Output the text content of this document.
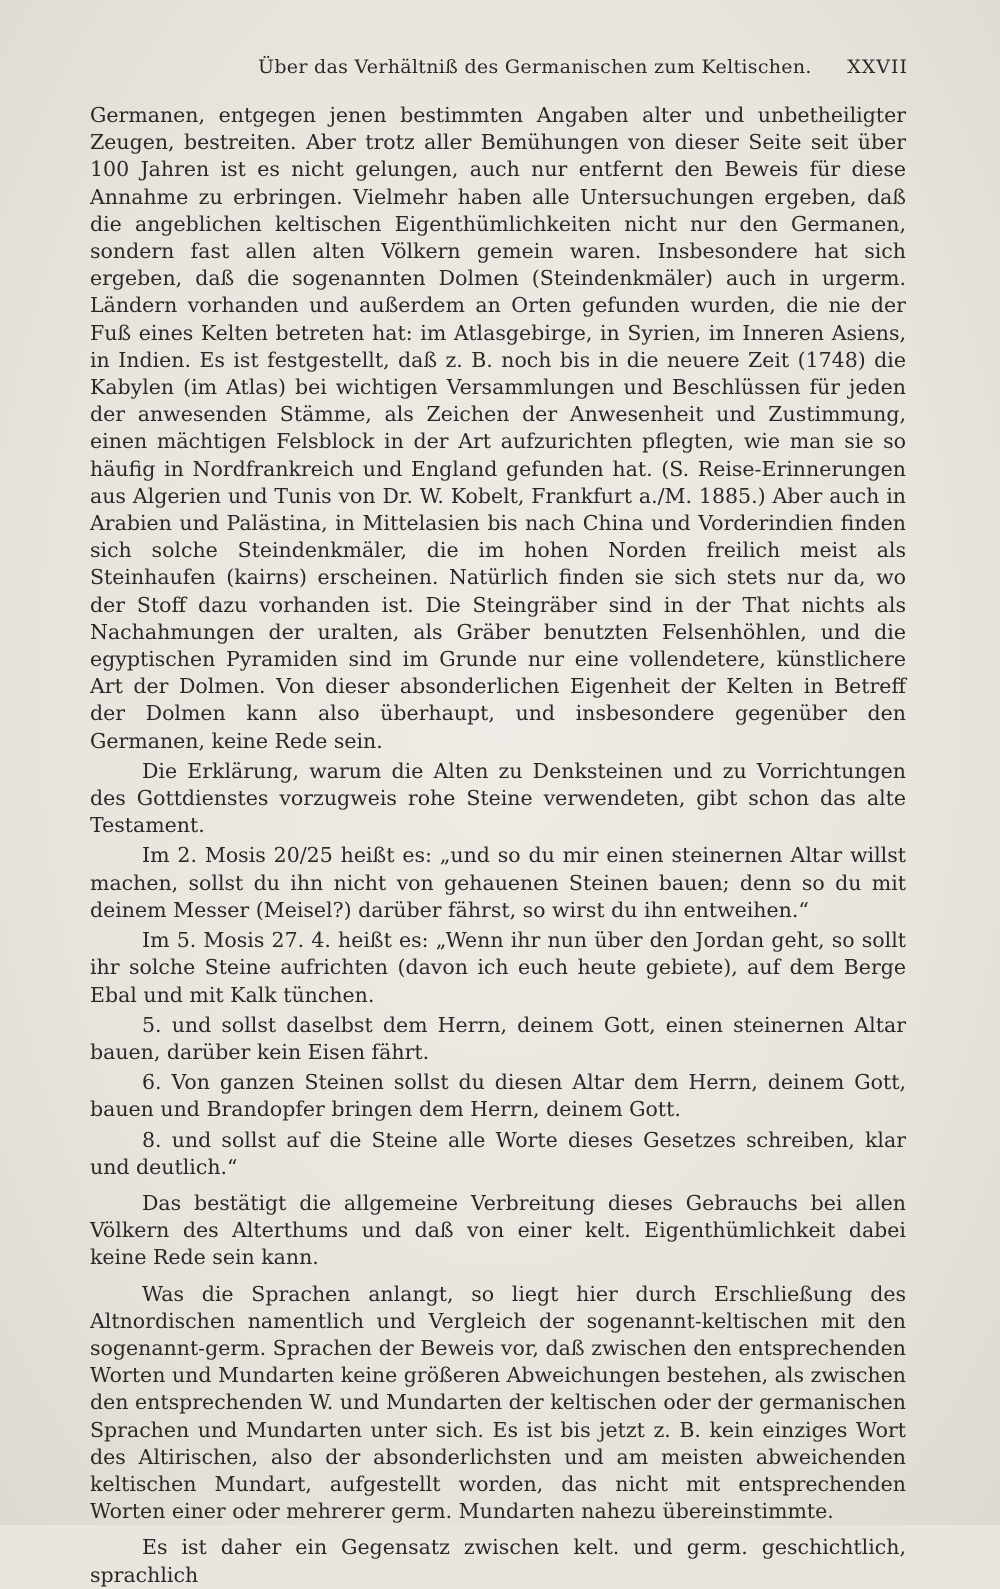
Über das Verhältniß des Germanischen zum Keltischen. XXVII

Germanen, entgegen jenen bestimmten Angaben alter und unbetheiligter Zeugen, bestreiten. Aber trotz aller Bemühungen von dieser Seite seit über 100 Jahren ist es nicht gelungen, auch nur entfernt den Beweis für diese Annahme zu erbringen. Vielmehr haben alle Untersuchungen ergeben, daß die angeblichen keltischen Eigenthümlichkeiten nicht nur den Germanen, sondern fast allen alten Völkern gemein waren. Insbesondere hat sich ergeben, daß die sogenannten Dolmen (Steindenkmäler) auch in urgerm. Ländern vorhanden und außerdem an Orten gefunden wurden, die nie der Fuß eines Kelten betreten hat: im Atlasgebirge, in Syrien, im Inneren Asiens, in Indien. Es ist festgestellt, daß z. B. noch bis in die neuere Zeit (1748) die Kabylen (im Atlas) bei wichtigen Versammlungen und Beschlüssen für jeden der anwesenden Stämme, als Zeichen der Anwesenheit und Zustimmung, einen mächtigen Felsblock in der Art aufzurichten pflegten, wie man sie so häufig in Nordfrankreich und England gefunden hat. (S. Reise-Erinnerungen aus Algerien und Tunis von Dr. W. Kobelt, Frankfurt a./M. 1885.) Aber auch in Arabien und Palästina, in Mittelasien bis nach China und Vorderindien finden sich solche Steindenkmäler, die im hohen Norden freilich meist als Steinhaufen (kairns) erscheinen. Natürlich finden sie sich stets nur da, wo der Stoff dazu vorhanden ist. Die Steingräber sind in der That nichts als Nachahmungen der uralten, als Gräber benutzten Felsenhöhlen, und die egyptischen Pyramiden sind im Grunde nur eine vollendetere, künstlichere Art der Dolmen. Von dieser absonderlichen Eigenheit der Kelten in Betreff der Dolmen kann also überhaupt, und insbesondere gegenüber den Germanen, keine Rede sein.

Die Erklärung, warum die Alten zu Denksteinen und zu Vorrichtungen des Gottdienstes vorzugweis rohe Steine verwendeten, gibt schon das alte Testament.

Im 2. Mosis 20/25 heißt es: „und so du mir einen steinernen Altar willst machen, sollst du ihn nicht von gehauenen Steinen bauen; denn so du mit deinem Messer (Meisel?) darüber fährst, so wirst du ihn entweihen.“

Im 5. Mosis 27. 4. heißt es: „Wenn ihr nun über den Jordan geht, so sollt ihr solche Steine aufrichten (davon ich euch heute gebiete), auf dem Berge Ebal und mit Kalk tünchen.

5. und sollst daselbst dem Herrn, deinem Gott, einen steinernen Altar bauen, darüber kein Eisen fährt.

6. Von ganzen Steinen sollst du diesen Altar dem Herrn, deinem Gott, bauen und Brandopfer bringen dem Herrn, deinem Gott.

8. und sollst auf die Steine alle Worte dieses Gesetzes schreiben, klar und deutlich.“

Das bestätigt die allgemeine Verbreitung dieses Gebrauchs bei allen Völkern des Alterthums und daß von einer kelt. Eigenthümlichkeit dabei keine Rede sein kann.

Was die Sprachen anlangt, so liegt hier durch Erschließung des Altnordischen namentlich und Vergleich der sogenannt-keltischen mit den sogenannt-germ. Sprachen der Beweis vor, daß zwischen den entsprechenden Worten und Mundarten keine größeren Abweichungen bestehen, als zwischen den entsprechenden W. und Mundarten der keltischen oder der germanischen Sprachen und Mundarten unter sich. Es ist bis jetzt z. B. kein einziges Wort des Altirischen, also der absonderlichsten und am meisten abweichenden keltischen Mundart, aufgestellt worden, das nicht mit entsprechenden Worten einer oder mehrerer germ. Mundarten nahezu übereinstimmte.

Es ist daher ein Gegensatz zwischen kelt. und germ. geschichtlich, sprachlich
